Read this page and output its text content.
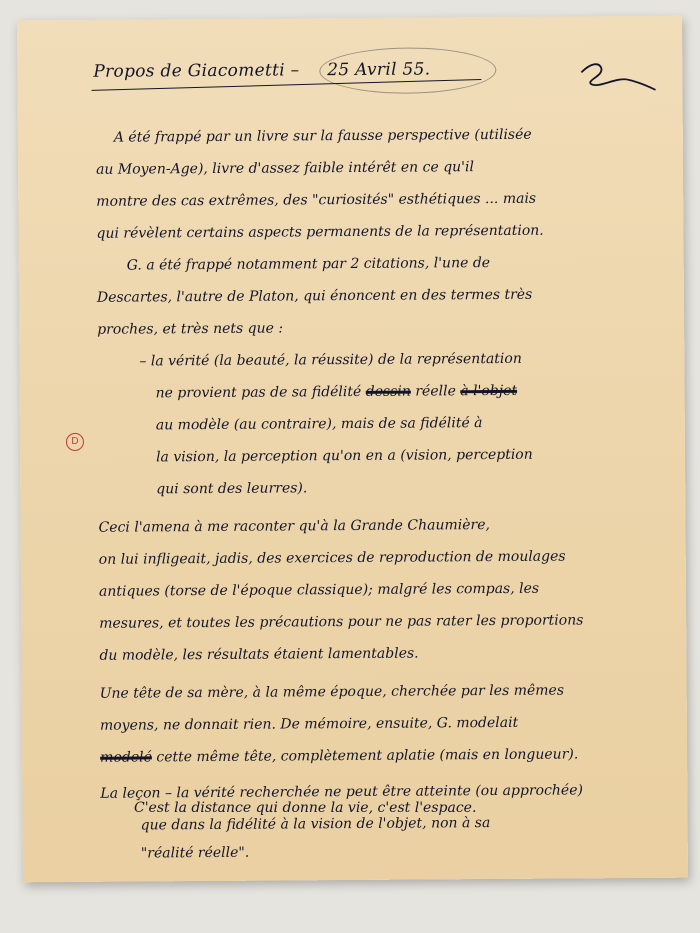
Propos de Giacometti – 25 Avril 55.
D
A été frappé par un livre sur la fausse perspective (utilisée
au Moyen-Age), livre d'assez faible intérêt en ce qu'il
montre des cas extrêmes, des "curiosités" esthétiques ... mais
qui révèlent certains aspects permanents de la représentation.
G. a été frappé notamment par 2 citations, l'une de
Descartes, l'autre de Platon, qui énoncent en des termes très
proches, et très nets que :
– la vérité (la beauté, la réussite) de la représentation
ne provient pas de sa fidélité dessin réelle à l'objet
au modèle (au contraire), mais de sa fidélité à
la vision, la perception qu'on en a (vision, perception
qui sont des leurres).
Ceci l'amena à me raconter qu'à la Grande Chaumière,
on lui infligeait, jadis, des exercices de reproduction de moulages
antiques (torse de l'époque classique); malgré les compas, les
mesures, et toutes les précautions pour ne pas rater les proportions
du modèle, les résultats étaient lamentables.
Une tête de sa mère, à la même époque, cherchée par les mêmes
moyens, ne donnait rien. De mémoire, ensuite, G. modelait
modelé cette même tête, complètement aplatie (mais en longueur).
La leçon – la vérité recherchée ne peut être atteinte (ou approchée)
que dans la fidélité à la vision de l'objet, non à sa
"réalité réelle".
C'est la distance qui donne la vie, c'est l'espace.
